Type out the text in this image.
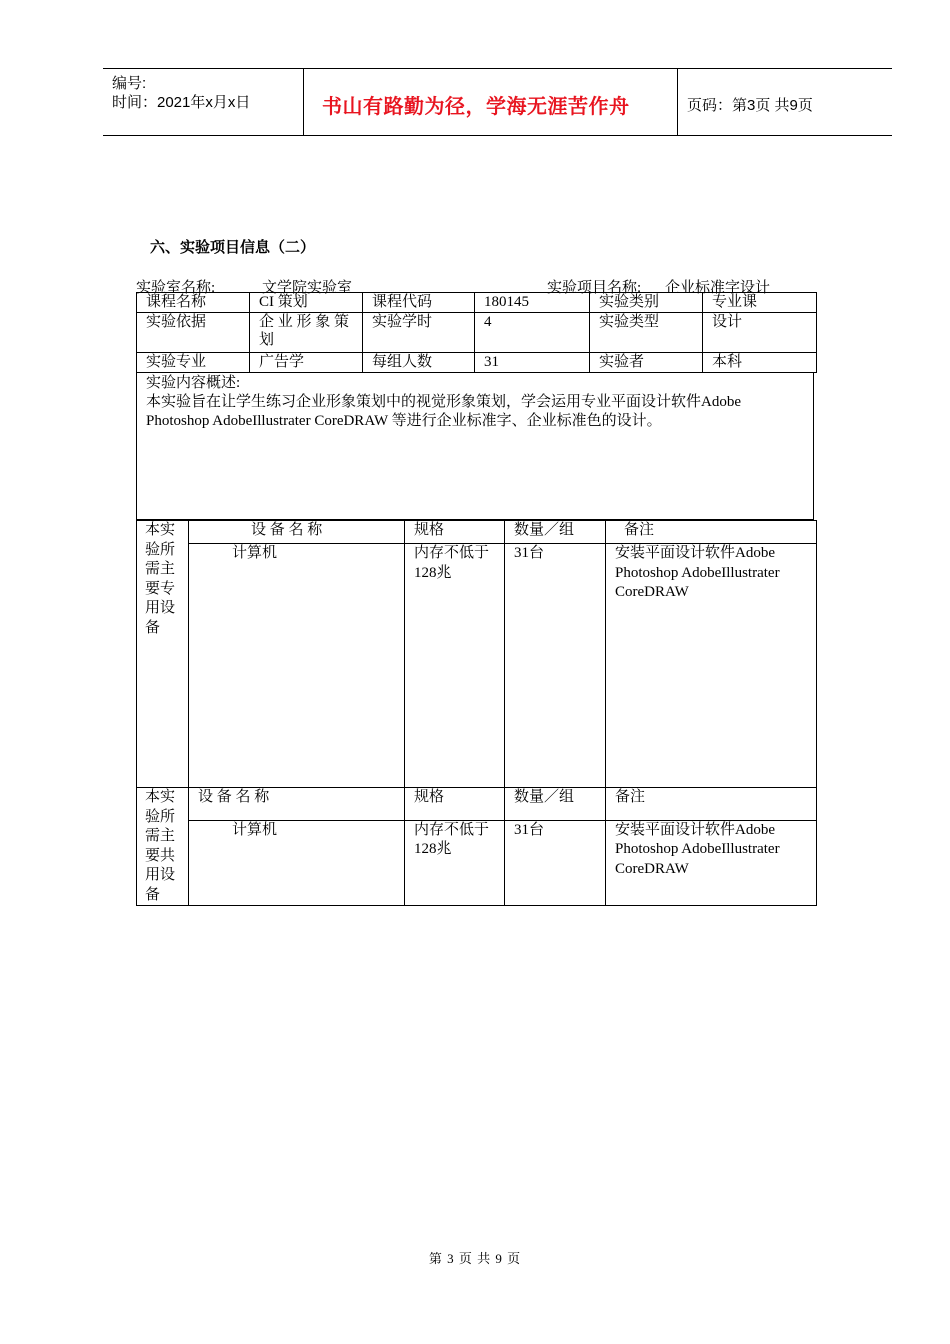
编号:
时间：2021年x月x日	书山有路勤为径，学海无涯苦作舟	页码：第3页 共9页
六、实验项目信息（二）
实验室名称:	文学院实验室	实验项目名称: 企业标准字设计
课程名称	CI 策划	课程代码	180145	实验类别	专业课
实验依据	企 业 形 象 策 划	实验学时	4	实验类型	设计
实验专业	广告学	每组人数	31	实验者	本科
实验内容概述:
本实验旨在让学生练习企业形象策划中的视觉形象策划，学会运用专业平面设计软件Adobe Photoshop AdobeIllustrater CoreDRAW 等进行企业标准字、企业标准色的设计。
本实验所需主要专用设备	设 备 名 称	规格	数量／组	备注
	计算机	内存不低于128兆	31台	安装平面设计软件Adobe Photoshop AdobeIllustrater CoreDRAW
本实验所需主要共用设备	设 备 名 称	规格	数量／组	备注
	计算机	内存不低于128兆	31台	安装平面设计软件Adobe Photoshop AdobeIllustrater CoreDRAW
第 3 页 共 9 页
